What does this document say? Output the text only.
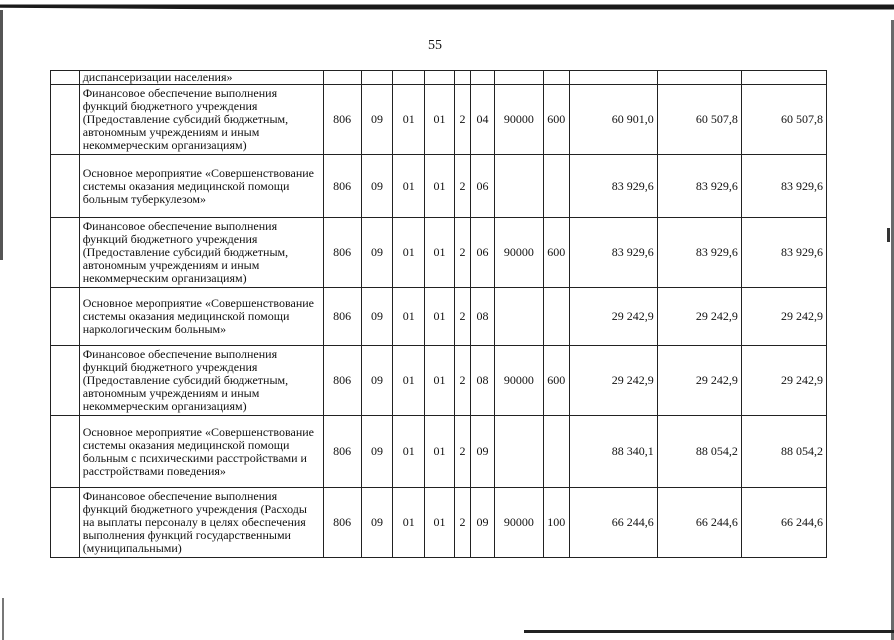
55
	диспансеризации населения»											
	Финансовое обеспечение выполнения функций бюджетного учреждения (Предоставление субсидий бюджетным, автономным учреждениям и иным некоммерческим организациям)	806	09	01	01	2	04	90000	600	60 901,0	60 507,8	60 507,8
	Основное мероприятие «Совершенствование системы оказания медицинской помощи больным туберкулезом»	806	09	01	01	2	06			83 929,6	83 929,6	83 929,6
	Финансовое обеспечение выполнения функций бюджетного учреждения (Предоставление субсидий бюджетным, автономным учреждениям и иным некоммерческим организациям)	806	09	01	01	2	06	90000	600	83 929,6	83 929,6	83 929,6
	Основное мероприятие «Совершенствование системы оказания медицинской помощи наркологическим больным»	806	09	01	01	2	08			29 242,9	29 242,9	29 242,9
	Финансовое обеспечение выполнения функций бюджетного учреждения (Предоставление субсидий бюджетным, автономным учреждениям и иным некоммерческим организациям)	806	09	01	01	2	08	90000	600	29 242,9	29 242,9	29 242,9
	Основное мероприятие «Совершенствование системы оказания медицинской помощи больным с психическими расстройствами и расстройствами поведения»	806	09	01	01	2	09			88 340,1	88 054,2	88 054,2
	Финансовое обеспечение выполнения функций бюджетного учреждения (Расходы на выплаты персоналу в целях обеспечения выполнения функций государственными (муниципальными)	806	09	01	01	2	09	90000	100	66 244,6	66 244,6	66 244,6
